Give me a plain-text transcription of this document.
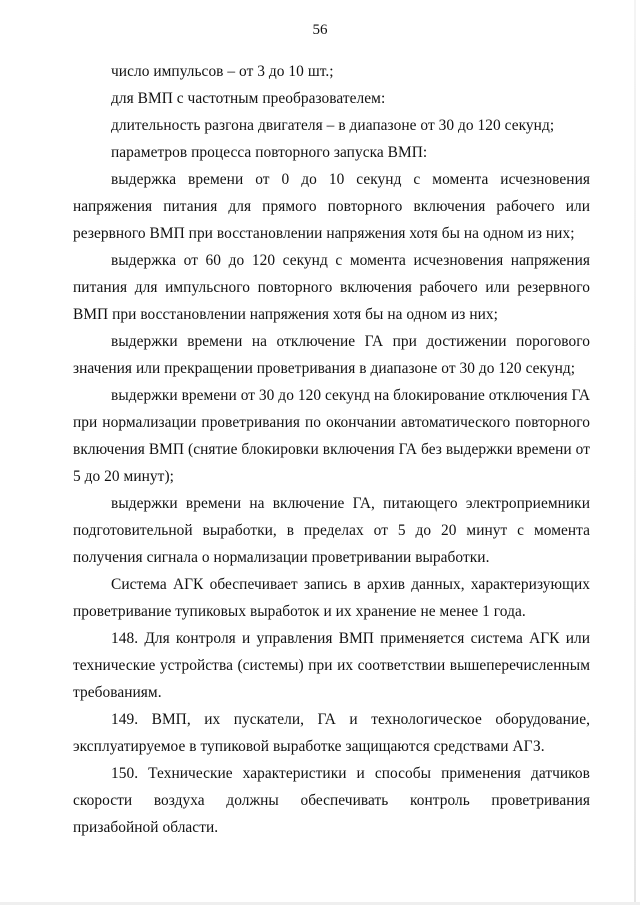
56

число импульсов – от 3 до 10 шт.;

для ВМП с частотным преобразователем:

длительность разгона двигателя – в диапазоне от 30 до 120 секунд;

параметров процесса повторного запуска ВМП:

выдержка времени от 0 до 10 секунд с момента исчезновения напряжения питания для прямого повторного включения рабочего или резервного ВМП при восстановлении напряжения хотя бы на одном из них;

выдержка от 60 до 120 секунд с момента исчезновения напряжения питания для импульсного повторного включения рабочего или резервного ВМП при восстановлении напряжения хотя бы на одном из них;

выдержки времени на отключение ГА при достижении порогового значения или прекращении проветривания в диапазоне от 30 до 120 секунд;

выдержки времени от 30 до 120 секунд на блокирование отключения ГА при нормализации проветривания по окончании автоматического повторного включения ВМП (снятие блокировки включения ГА без выдержки времени от 5 до 20 минут);

выдержки времени на включение ГА, питающего электроприемники подготовительной выработки, в пределах от 5 до 20 минут с момента получения сигнала о нормализации проветривании выработки.

Система АГК обеспечивает запись в архив данных, характеризующих проветривание тупиковых выработок и их хранение не менее 1 года.

148. Для контроля и управления ВМП применяется система АГК или технические устройства (системы) при их соответствии вышеперечисленным требованиям.

149. ВМП, их пускатели, ГА и технологическое оборудование, эксплуатируемое в тупиковой выработке защищаются средствами АГЗ.

150. Технические характеристики и способы применения датчиков скорости воздуха должны обеспечивать контроль проветривания призабойной области.
